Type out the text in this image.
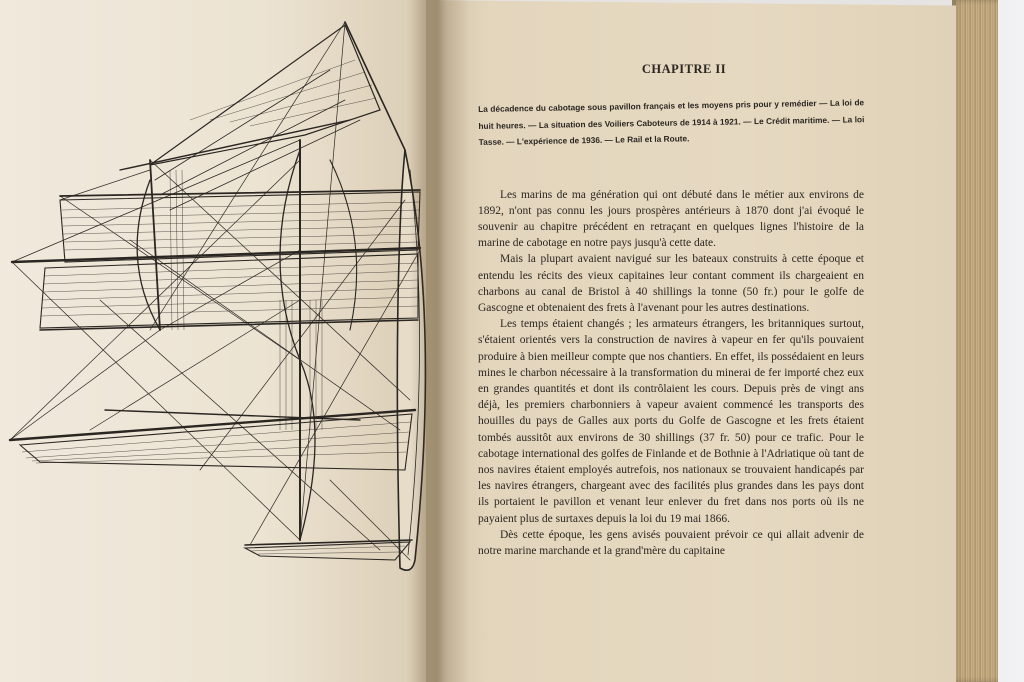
CHAPITRE II

La décadence du cabotage sous pavillon français et les moyens pris pour y remédier — La loi de huit heures. — La situation des Voiliers Caboteurs de 1914 à 1921. — Le Crédit maritime. — La loi Tasse. — L'expérience de 1936. — Le Rail et la Route.

Les marins de ma génération qui ont débuté dans le métier aux environs de 1892, n'ont pas connu les jours prospères antérieurs à 1870 dont j'ai évoqué le souvenir au chapitre précédent en retraçant en quelques lignes l'histoire de la marine de cabotage en notre pays jusqu'à cette date.

Mais la plupart avaient navigué sur les bateaux construits à cette époque et entendu les récits des vieux capitaines leur contant comment ils chargeaient en charbons au canal de Bristol à 40 shillings la tonne (50 fr.) pour le golfe de Gascogne et obtenaient des frets à l'avenant pour les autres destinations.

Les temps étaient changés ; les armateurs étrangers, les britanniques surtout, s'étaient orientés vers la construction de navires à vapeur en fer qu'ils pouvaient produire à bien meilleur compte que nos chantiers. En effet, ils possédaient en leurs mines le charbon nécessaire à la transformation du minerai de fer importé chez eux en grandes quantités et dont ils contrôlaient les cours. Depuis près de vingt ans déjà, les premiers charbonniers à vapeur avaient commencé les transports des houilles du pays de Galles aux ports du Golfe de Gascogne et les frets étaient tombés aussitôt aux environs de 30 shillings (37 fr. 50) pour ce trafic. Pour le cabotage international des golfes de Finlande et de Bothnie à l'Adriatique où tant de nos navires étaient employés autrefois, nos nationaux se trouvaient handicapés par les navires étrangers, chargeant avec des facilités plus grandes dans les pays dont ils portaient le pavillon et venant leur enlever du fret dans nos ports où ils ne payaient plus de surtaxes depuis la loi du 19 mai 1866.

Dès cette époque, les gens avisés pouvaient prévoir ce qui allait advenir de notre marine marchande et la grand'mère du capitaine
